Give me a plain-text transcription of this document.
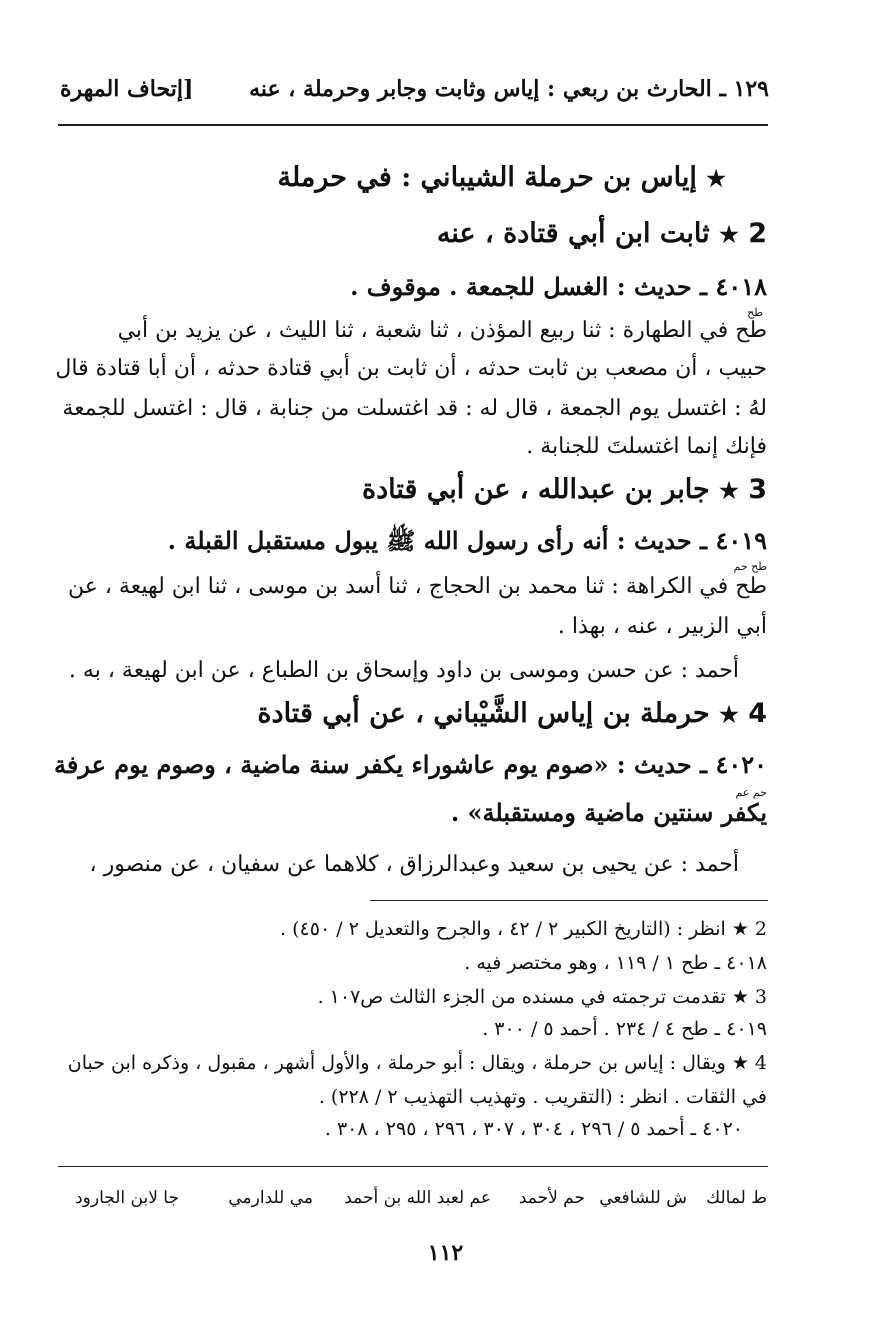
١٢٩ ـ الحارث بن ربعي : إياس وثابت وجابر وحرملة ، عنه
[إتحاف المهرة
★ إياس بن حرملة الشيباني : في حرملة
2 ★ ثابت ابن أبي قتادة ، عنه
٤٠١٨ ـ حديث : الغسل للجمعة . موقوف .
طح
طح في الطهارة : ثنا ربيع المؤذن ، ثنا شعبة ، ثنا الليث ، عن يزيد بن أبي
حبيب ، أن مصعب بن ثابت حدثه ، أن ثابت بن أبي قتادة حدثه ، أن أبا قتادة قال
لهُ : اغتسل يوم الجمعة ، قال له : قد اغتسلت من جنابة ، قال : اغتسل للجمعة
فإنك إنما اغتسلتَ للجنابة .
3 ★ جابر بن عبدالله ، عن أبي قتادة
٤٠١٩ ـ حديث : أنه رأى رسول الله ﷺ يبول مستقبل القبلة .
طح حم
طح في الكراهة : ثنا محمد بن الحجاج ، ثنا أسد بن موسى ، ثنا ابن لهيعة ، عن
أبي الزبير ، عنه ، بهذا .
أحمد : عن حسن وموسى بن داود وإسحاق بن الطباع ، عن ابن لهيعة ، به .
4 ★ حرملة بن إياس الشَّيْباني ، عن أبي قتادة
٤٠٢٠ ـ حديث : «صوم يوم عاشوراء يكفر سنة ماضية ، وصوم يوم عرفة
حم عم
يكفر سنتين ماضية ومستقبلة» .
أحمد : عن يحيى بن سعيد وعبدالرزاق ، كلاهما عن سفيان ، عن منصور ،
2 ★ انظر : (التاريخ الكبير ٢ / ٤٢ ، والجرح والتعديل ٢ / ٤٥٠) .
٤٠١٨ ـ طح ١ / ١١٩ ، وهو مختصر فيه .
3 ★ تقدمت ترجمته في مسنده من الجزء الثالث ص١٠٧ .
٤٠١٩ ـ طح ٤ / ٢٣٤ . أحمد ٥ / ٣٠٠ .
4 ★ ويقال : إياس بن حرملة ، ويقال : أبو حرملة ، والأول أشهر ، مقبول ، وذكره ابن حبان
في الثقات . انظر : (التقريب . وتهذيب التهذيب ٢ / ٢٢٨) .
٤٠٢٠ ـ أحمد ٥ / ٢٩٦ ، ٣٠٤ ، ٣٠٧ ، ٢٩٦ ، ٢٩٥ ، ٣٠٨ .
ط لمالك
ش للشافعي
حم لأحمد
عم لعبد الله بن أحمد
مي للدارمي
جا لابن الجارود
١١٢
